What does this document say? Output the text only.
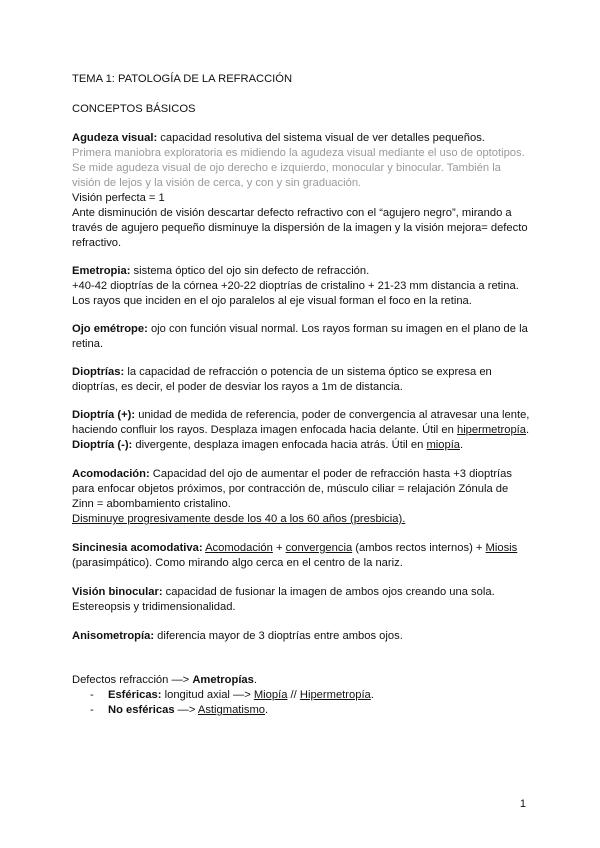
TEMA 1: PATOLOGÍA DE LA REFRACCIÓN
CONCEPTOS BÁSICOS
Agudeza visual: capacidad resolutiva del sistema visual de ver detalles pequeños.
Primera maniobra exploratoria es midiendo la agudeza visual mediante el uso de optotipos.
Se mide agudeza visual de ojo derecho e izquierdo, monocular y binocular. También la
visión de lejos y la visión de cerca, y con y sin graduación.
Visión perfecta = 1
Ante disminución de visión descartar defecto refractivo con el “agujero negro”, mirando a
través de agujero pequeño disminuye la dispersión de la imagen y la visión mejora= defecto
refractivo.
Emetropia: sistema óptico del ojo sin defecto de refracción.
+40-42 dioptrías de la córnea +20-22 dioptrías de cristalino + 21-23 mm distancia a retina.
Los rayos que inciden en el ojo paralelos al eje visual forman el foco en la retina.
Ojo emétrope: ojo con función visual normal. Los rayos forman su imagen en el plano de la
retina.
Dioptrías: la capacidad de refracción o potencia de un sistema óptico se expresa en
dioptrías, es decir, el poder de desviar los rayos a 1m de distancia.
Dioptría (+): unidad de medida de referencia, poder de convergencia al atravesar una lente,
haciendo confluir los rayos. Desplaza imagen enfocada hacia delante. Útil en hipermetropía.
Dioptría (-): divergente, desplaza imagen enfocada hacia atrás. Útil en miopía.
Acomodación: Capacidad del ojo de aumentar el poder de refracción hasta +3 dioptrías
para enfocar objetos próximos, por contracción de, músculo ciliar = relajación Zónula de
Zinn = abombamiento cristalino.
Disminuye progresivamente desde los 40 a los 60 años (presbicia).
Sincinesia acomodativa: Acomodación + convergencia (ambos rectos internos) + Miosis
(parasimpático). Como mirando algo cerca en el centro de la nariz.
Visión binocular: capacidad de fusionar la imagen de ambos ojos creando una sola.
Estereopsis y tridimensionalidad.
Anisometropía: diferencia mayor de 3 dioptrías entre ambos ojos.
Defectos refracción —> Ametropías.
- Esféricas: longitud axial —> Miopía // Hipermetropía.
- No esféricas —> Astigmatismo.
1
